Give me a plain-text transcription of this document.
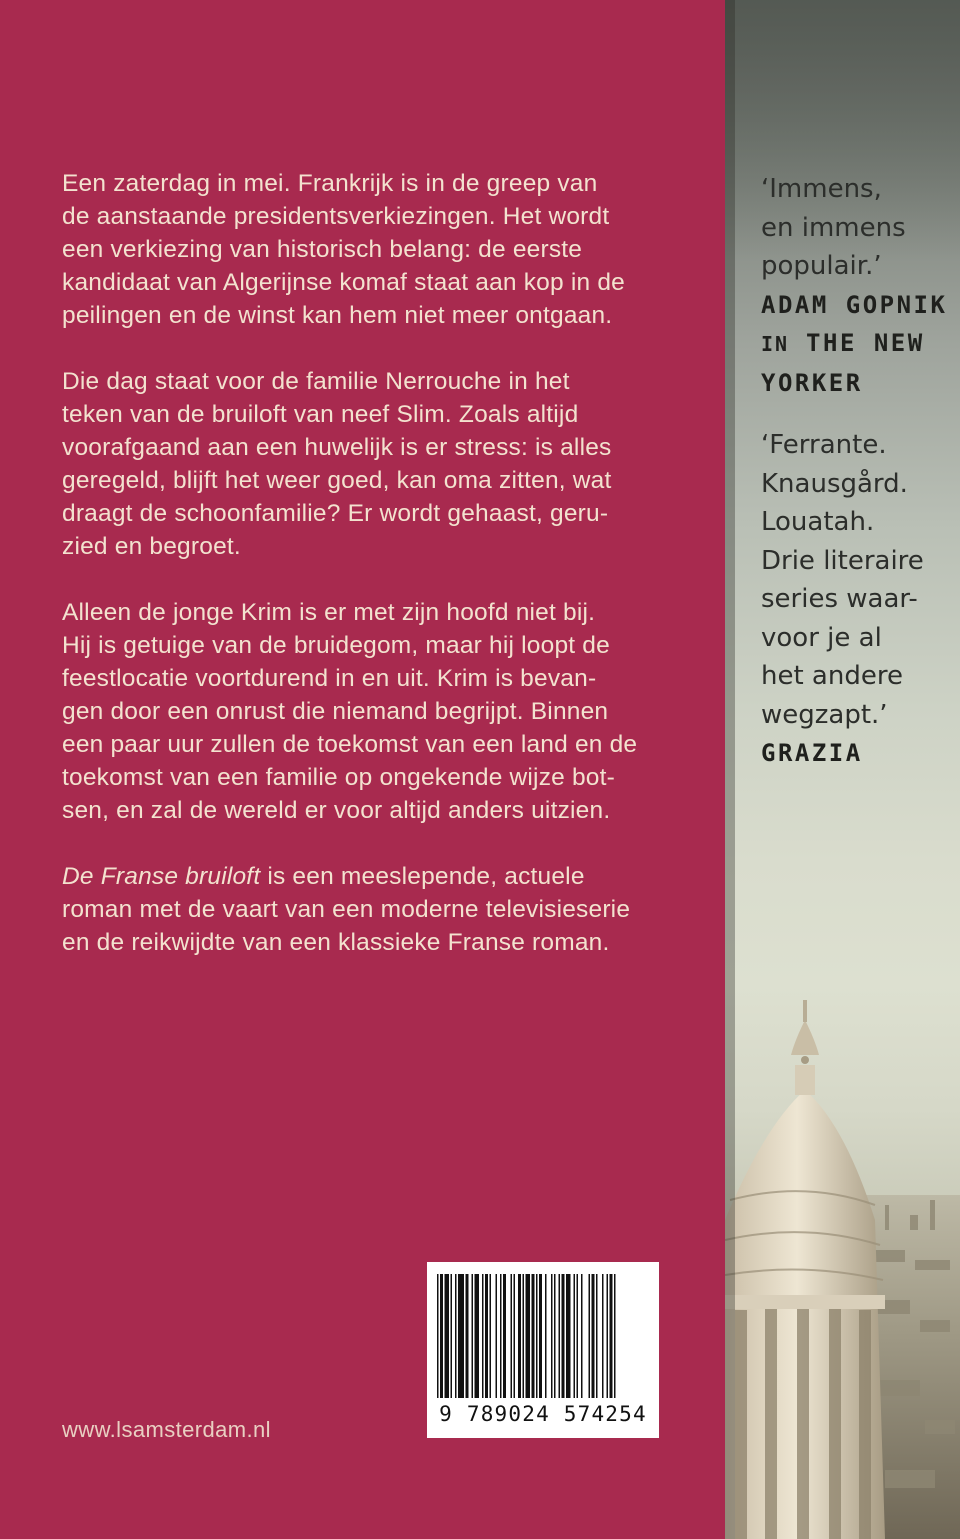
Een zaterdag in mei. Frankrijk is in de greep van
de aanstaande presidentsverkiezingen. Het wordt
een verkiezing van historisch belang: de eerste
kandidaat van Algerijnse komaf staat aan kop in de
peilingen en de winst kan hem niet meer ontgaan.

Die dag staat voor de familie Nerrouche in het
teken van de bruiloft van neef Slim. Zoals altijd
voorafgaand aan een huwelijk is er stress: is alles
geregeld, blijft het weer goed, kan oma zitten, wat
draagt de schoonfamilie? Er wordt gehaast, geru-
zied en begroet.

Alleen de jonge Krim is er met zijn hoofd niet bij.
Hij is getuige van de bruidegom, maar hij loopt de
feestlocatie voortdurend in en uit. Krim is bevan-
gen door een onrust die niemand begrijpt. Binnen
een paar uur zullen de toekomst van een land en de
toekomst van een familie op ongekende wijze bot-
sen, en zal de wereld er voor altijd anders uitzien.

De Franse bruiloft is een meeslepende, actuele
roman met de vaart van een moderne televisieserie
en de reikwijdte van een klassieke Franse roman.

www.lsamsterdam.nl
9 789024 574254
‘Immens,
en immens
populair.’
ADAM GOPNIK
IN THE NEW
YORKER
‘Ferrante.
Knausgård.
Louatah.
Drie literaire
series waar-
voor je al
het andere
wegzapt.’
GRAZIA
